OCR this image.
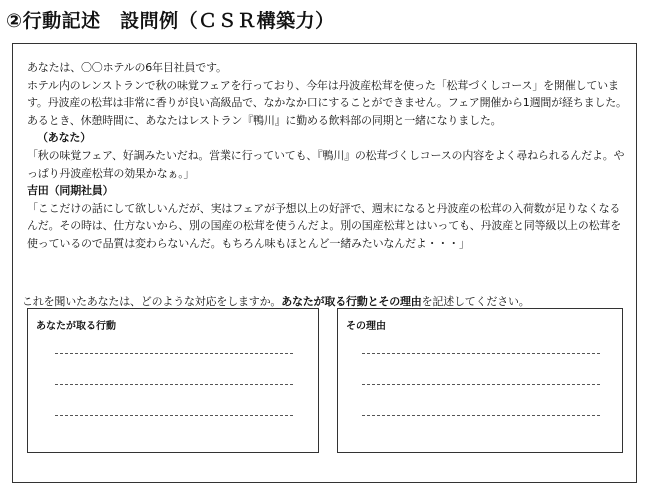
②行動記述　設問例（ＣＳＲ構築力）

あなたは、〇〇ホテルの6年目社員です。

ホテル内のレンストランで秋の味覚フェアを行っており、今年は丹波産松茸を使った「松茸づくしコース」を開催しています。丹波産の松茸は非常に香りが良い高級品で、なかなか口にすることができません。フェア開催から1週間が経ちました。あるとき、休憩時間に、あなたはレストラン『鴨川』に勤める飲料部の同期と一緒になりました。

（あなた）

「秋の味覚フェア、好調みたいだね。営業に行っていても、『鴨川』の松茸づくしコースの内容をよく尋ねられるんだよ。やっぱり丹波産松茸の効果かなぁ。」

吉田（同期社員）

「ここだけの話にして欲しいんだが、実はフェアが予想以上の好評で、週末になると丹波産の松茸の入荷数が足りなくなるんだ。その時は、仕方ないから、別の国産の松茸を使うんだよ。別の国産松茸とはいっても、丹波産と同等級以上の松茸を使っているので品質は変わらないんだ。もちろん味もほとんど一緒みたいなんだよ・・・」

これを聞いたあなたは、どのような対応をしますか。あなたが取る行動とその理由を記述してください。
あなたが取る行動	その理由
